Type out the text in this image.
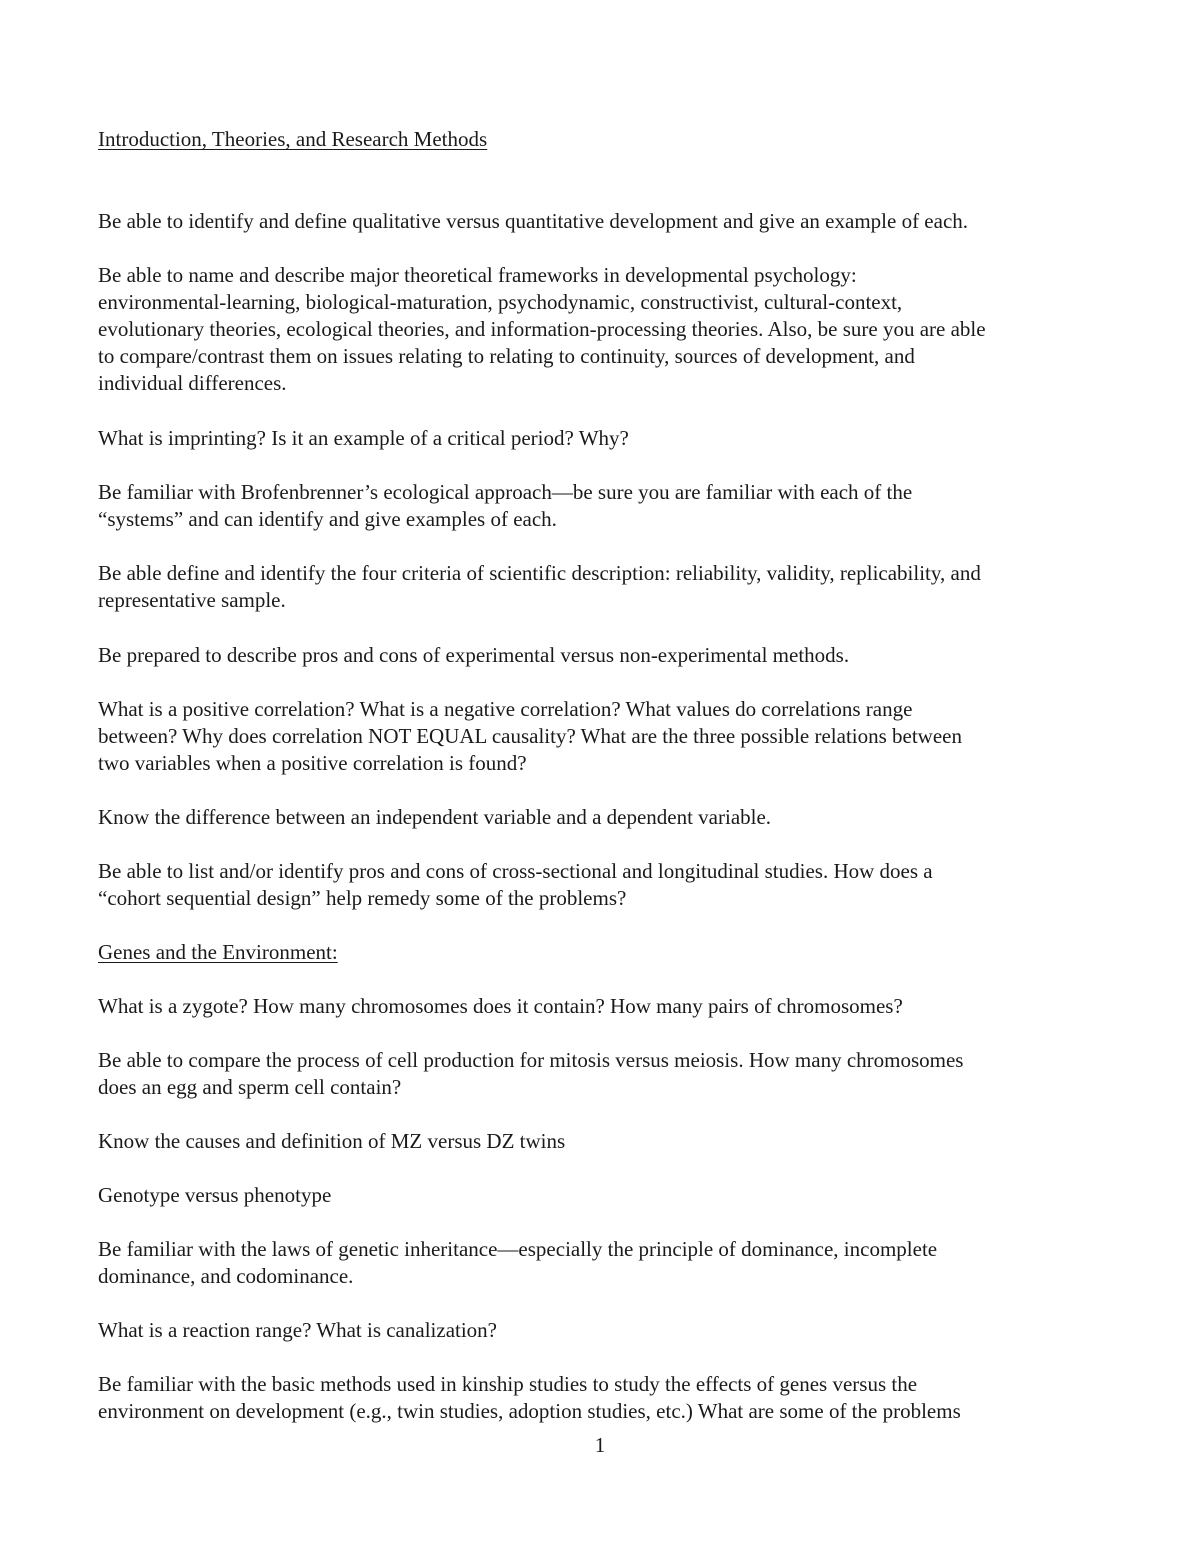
Introduction, Theories, and Research Methods

Be able to identify and define qualitative versus quantitative development and give an example of each.

Be able to name and describe major theoretical frameworks in developmental psychology:
environmental-learning, biological-maturation, psychodynamic, constructivist, cultural-context,
evolutionary theories, ecological theories, and information-processing theories. Also, be sure you are able
to compare/contrast them on issues relating to relating to continuity, sources of development, and
individual differences.

What is imprinting? Is it an example of a critical period? Why?

Be familiar with Brofenbrenner’s ecological approach—be sure you are familiar with each of the
“systems” and can identify and give examples of each.

Be able define and identify the four criteria of scientific description: reliability, validity, replicability, and
representative sample.

Be prepared to describe pros and cons of experimental versus non-experimental methods.

What is a positive correlation? What is a negative correlation? What values do correlations range
between? Why does correlation NOT EQUAL causality? What are the three possible relations between
two variables when a positive correlation is found?

Know the difference between an independent variable and a dependent variable.

Be able to list and/or identify pros and cons of cross-sectional and longitudinal studies. How does a
“cohort sequential design” help remedy some of the problems?

Genes and the Environment:

What is a zygote? How many chromosomes does it contain? How many pairs of chromosomes?

Be able to compare the process of cell production for mitosis versus meiosis. How many chromosomes
does an egg and sperm cell contain?

Know the causes and definition of MZ versus DZ twins

Genotype versus phenotype

Be familiar with the laws of genetic inheritance—especially the principle of dominance, incomplete
dominance, and codominance.

What is a reaction range? What is canalization?

Be familiar with the basic methods used in kinship studies to study the effects of genes versus the
environment on development (e.g., twin studies, adoption studies, etc.) What are some of the problems

1
